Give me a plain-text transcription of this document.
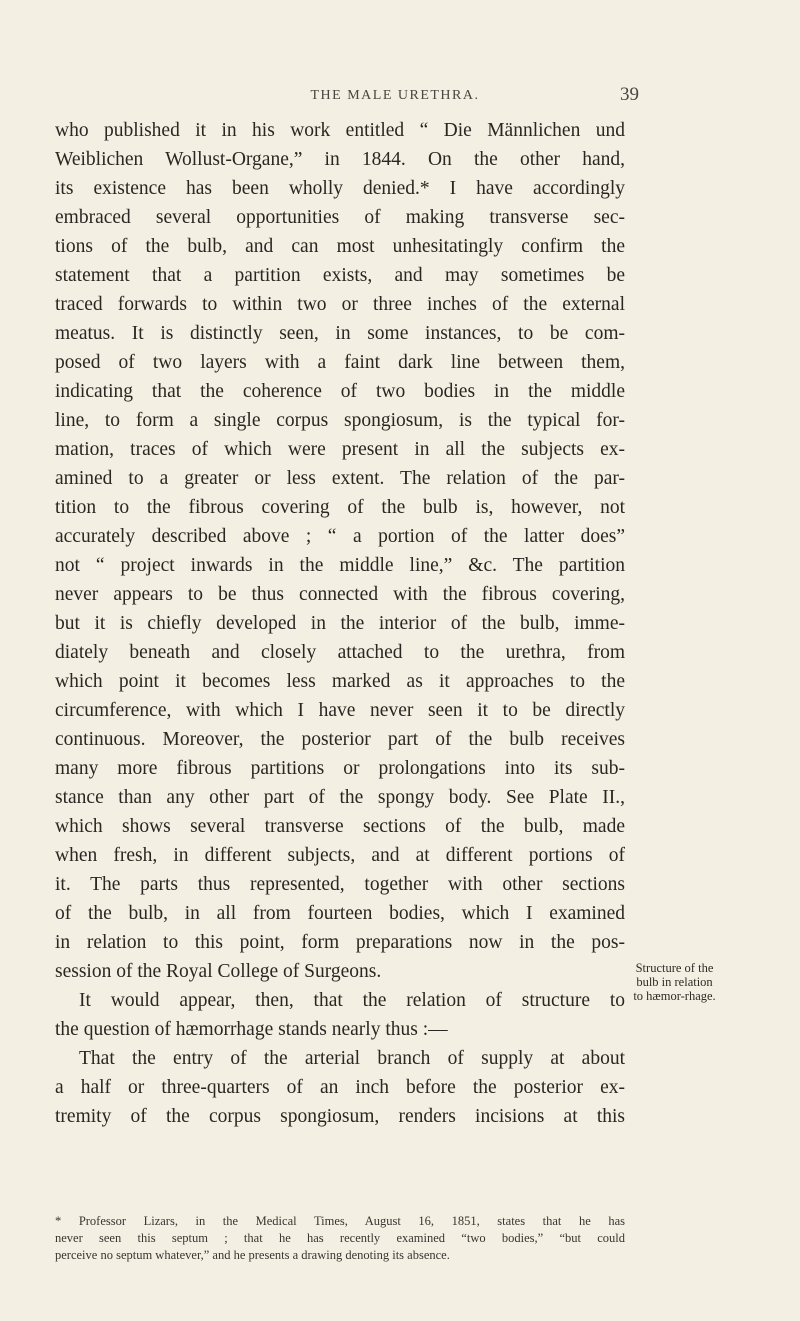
THE MALE URETHRA.	39

who published it in his work entitled “ Die Männlichen und
Weiblichen Wollust-Organe,” in 1844. On the other hand,
its existence has been wholly denied.* I have accordingly
embraced several opportunities of making transverse sec-
tions of the bulb, and can most unhesitatingly confirm the
statement that a partition exists, and may sometimes be
traced forwards to within two or three inches of the external
meatus. It is distinctly seen, in some instances, to be com-
posed of two layers with a faint dark line between them,
indicating that the coherence of two bodies in the middle
line, to form a single corpus spongiosum, is the typical for-
mation, traces of which were present in all the subjects ex-
amined to a greater or less extent. The relation of the par-
tition to the fibrous covering of the bulb is, however, not
accurately described above ; “ a portion of the latter does”
not “ project inwards in the middle line,” &c. The partition
never appears to be thus connected with the fibrous covering,
but it is chiefly developed in the interior of the bulb, imme-
diately beneath and closely attached to the urethra, from
which point it becomes less marked as it approaches to the
circumference, with which I have never seen it to be directly
continuous. Moreover, the posterior part of the bulb receives
many more fibrous partitions or prolongations into its sub-
stance than any other part of the spongy body. See Plate II.,
which shows several transverse sections of the bulb, made
when fresh, in different subjects, and at different portions of
it. The parts thus represented, together with other sections
of the bulb, in all from fourteen bodies, which I examined
in relation to this point, form preparations now in the pos-
session of the Royal College of Surgeons.

It would appear, then, that the relation of structure to
the question of hæmorrhage stands nearly thus :—
That the entry of the arterial branch of supply at about
a half or three-quarters of an inch before the posterior ex-
tremity of the corpus spongiosum, renders incisions at this

Structure of the bulb in relation to hæmor-rhage.
* Professor Lizars, in the Medical Times, August 16, 1851, states that he has
never seen this septum ; that he has recently examined “two bodies,” “but could
perceive no septum whatever,” and he presents a drawing denoting its absence.
